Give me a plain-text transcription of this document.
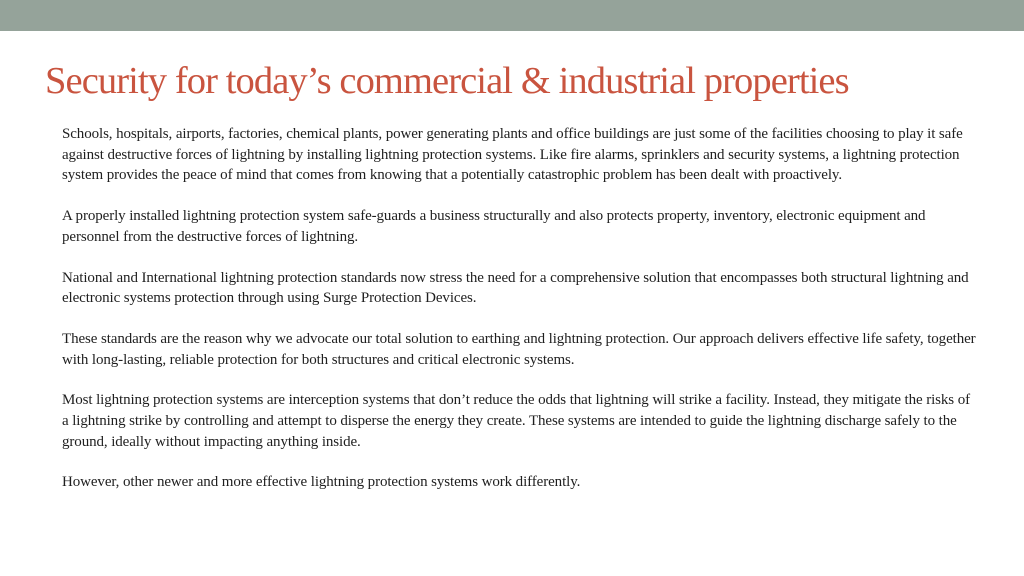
Security for today’s commercial & industrial properties

Schools, hospitals, airports, factories, chemical plants, power generating plants and office buildings are just some of the facilities choosing to play it safe against destructive forces of lightning by installing lightning protection systems. Like fire alarms, sprinklers and security systems, a lightning protection system provides the peace of mind that comes from knowing that a potentially catastrophic problem has been dealt with proactively.

A properly installed lightning protection system safe-guards a business structurally and also protects property, inventory, electronic equipment and personnel from the destructive forces of lightning.

National and International lightning protection standards now stress the need for a comprehensive solution that encompasses both structural lightning and electronic systems protection through using Surge Protection Devices.

These standards are the reason why we advocate our total solution to earthing and lightning protection. Our approach delivers effective life safety, together with long-lasting, reliable protection for both structures and critical electronic systems.

Most lightning protection systems are interception systems that don’t reduce the odds that lightning will strike a facility. Instead, they mitigate the risks of a lightning strike by controlling and attempt to disperse the energy they create. These systems are intended to guide the lightning discharge safely to the ground, ideally without impacting anything inside.

However, other newer and more effective lightning protection systems work differently.
